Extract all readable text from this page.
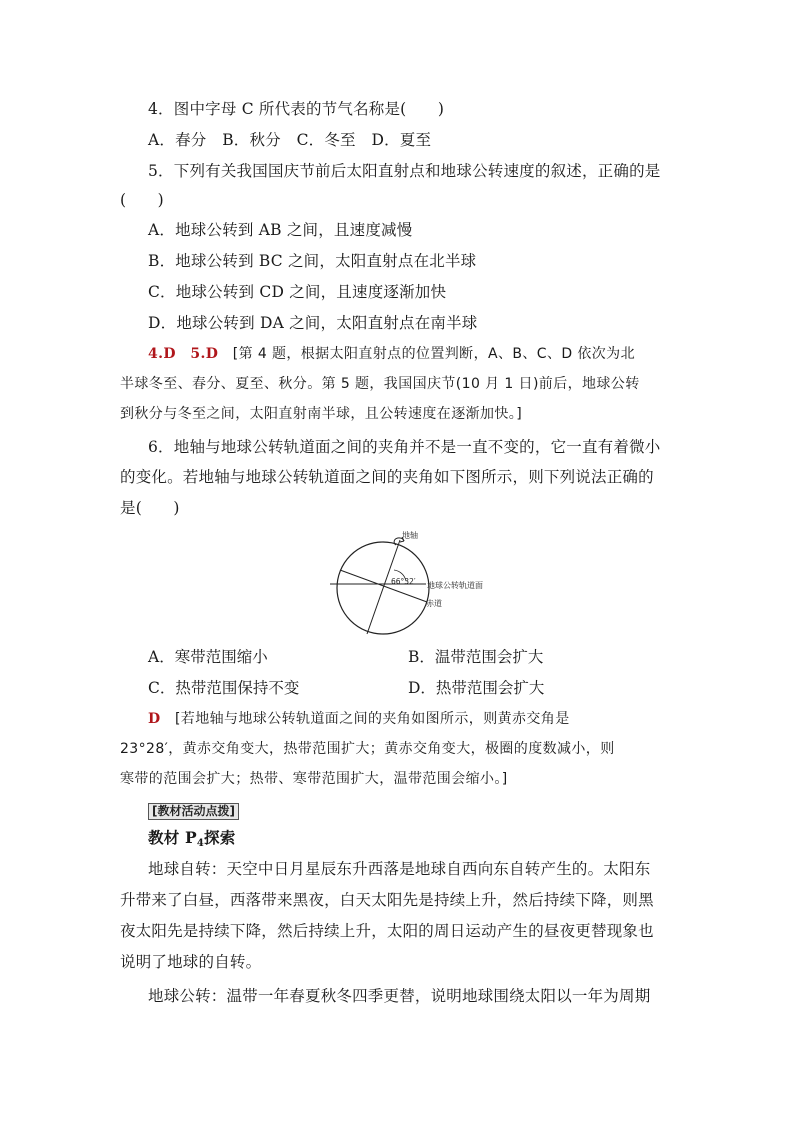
4．图中字母 C 所代表的节气名称是(　　)
A．春分　B．秋分　C．冬至　D．夏至
5．下列有关我国国庆节前后太阳直射点和地球公转速度的叙述，正确的是
(　　)
A．地球公转到 AB 之间，且速度减慢
B．地球公转到 BC 之间，太阳直射点在北半球
C．地球公转到 CD 之间，且速度逐渐加快
D．地球公转到 DA 之间，太阳直射点在南半球
4.D　5.D　[第 4 题，根据太阳直射点的位置判断，A、B、C、D 依次为北
半球冬至、春分、夏至、秋分。第 5 题，我国国庆节(10 月 1 日)前后，地球公转
到秋分与冬至之间，太阳直射南半球，且公转速度在逐渐加快。]
6．地轴与地球公转轨道面之间的夹角并不是一直不变的，它一直有着微小
的变化。若地轴与地球公转轨道面之间的夹角如下图所示，则下列说法正确的
是(　　)
66°32′
地轴
地球公转轨道面
赤道
A．寒带范围缩小	B．温带范围会扩大
C．热带范围保持不变	D．热带范围会扩大
D　[若地轴与地球公转轨道面之间的夹角如图所示，则黄赤交角是
23°28′，黄赤交角变大，热带范围扩大；黄赤交角变大，极圈的度数减小，则
寒带的范围会扩大；热带、寒带范围扩大，温带范围会缩小。]
[教材活动点拨]
教材 $P_4$探索
地球自转：天空中日月星辰东升西落是地球自西向东自转产生的。太阳东
升带来了白昼，西落带来黑夜，白天太阳先是持续上升，然后持续下降，则黑
夜太阳先是持续下降，然后持续上升，太阳的周日运动产生的昼夜更替现象也
说明了地球的自转。
地球公转：温带一年春夏秋冬四季更替，说明地球围绕太阳以一年为周期
